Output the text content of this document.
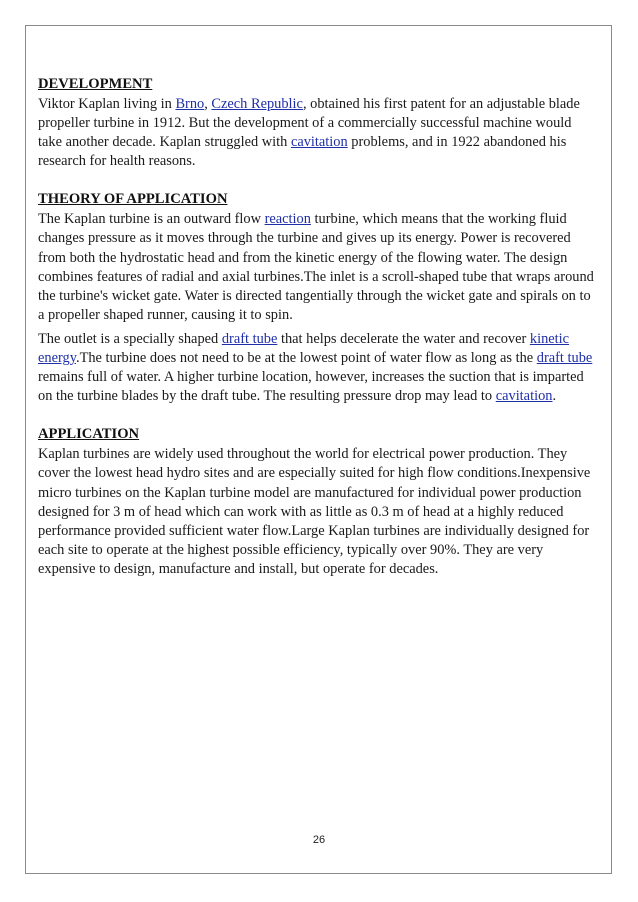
DEVELOPMENT

Viktor Kaplan living in Brno, Czech Republic, obtained his first patent for an adjustable blade propeller turbine in 1912. But the development of a commercially successful machine would take another decade. Kaplan struggled with cavitation problems, and in 1922 abandoned his research for health reasons.

THEORY OF APPLICATION

The Kaplan turbine is an outward flow reaction turbine, which means that the working fluid changes pressure as it moves through the turbine and gives up its energy. Power is recovered from both the hydrostatic head and from the kinetic energy of the flowing water. The design combines features of radial and axial turbines.The inlet is a scroll-shaped tube that wraps around the turbine's wicket gate. Water is directed tangentially through the wicket gate and spirals on to a propeller shaped runner, causing it to spin.

The outlet is a specially shaped draft tube that helps decelerate the water and recover kinetic energy.The turbine does not need to be at the lowest point of water flow as long as the draft tube remains full of water. A higher turbine location, however, increases the suction that is imparted on the turbine blades by the draft tube. The resulting pressure drop may lead to cavitation.

APPLICATION

Kaplan turbines are widely used throughout the world for electrical power production. They cover the lowest head hydro sites and are especially suited for high flow conditions.Inexpensive micro turbines on the Kaplan turbine model are manufactured for individual power production designed for 3 m of head which can work with as little as 0.3 m of head at a highly reduced performance provided sufficient water flow.Large Kaplan turbines are individually designed for each site to operate at the highest possible efficiency, typically over 90%. They are very expensive to design, manufacture and install, but operate for decades.

26
